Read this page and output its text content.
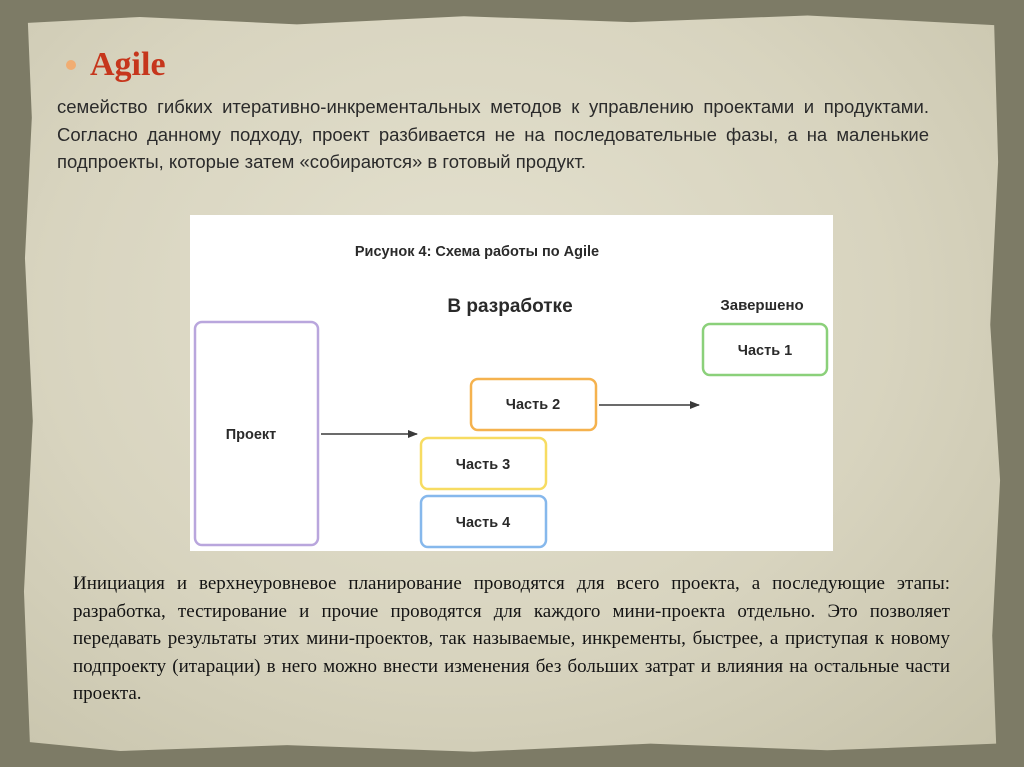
Agile
семейство гибких итеративно-инкрементальных методов к управлению проектами и продуктами. Согласно данному подходу, проект разбивается не на последовательные фазы, а на маленькие подпроекты, которые затем «собираются» в готовый продукт.
Рисунок 4: Схема работы по Agile
В разработке	Завершено
Проект
Часть 1
Часть 2
Часть 3
Часть 4
Инициация и верхнеуровневое планирование проводятся для всего проекта, а последующие этапы: разработка, тестирование и прочие проводятся для каждого мини-проекта отдельно. Это позволяет передавать результаты этих мини-проектов, так называемые, инкременты, быстрее, а приступая к новому подпроекту (итарации) в него можно внести изменения без больших затрат и влияния на остальные части проекта.
